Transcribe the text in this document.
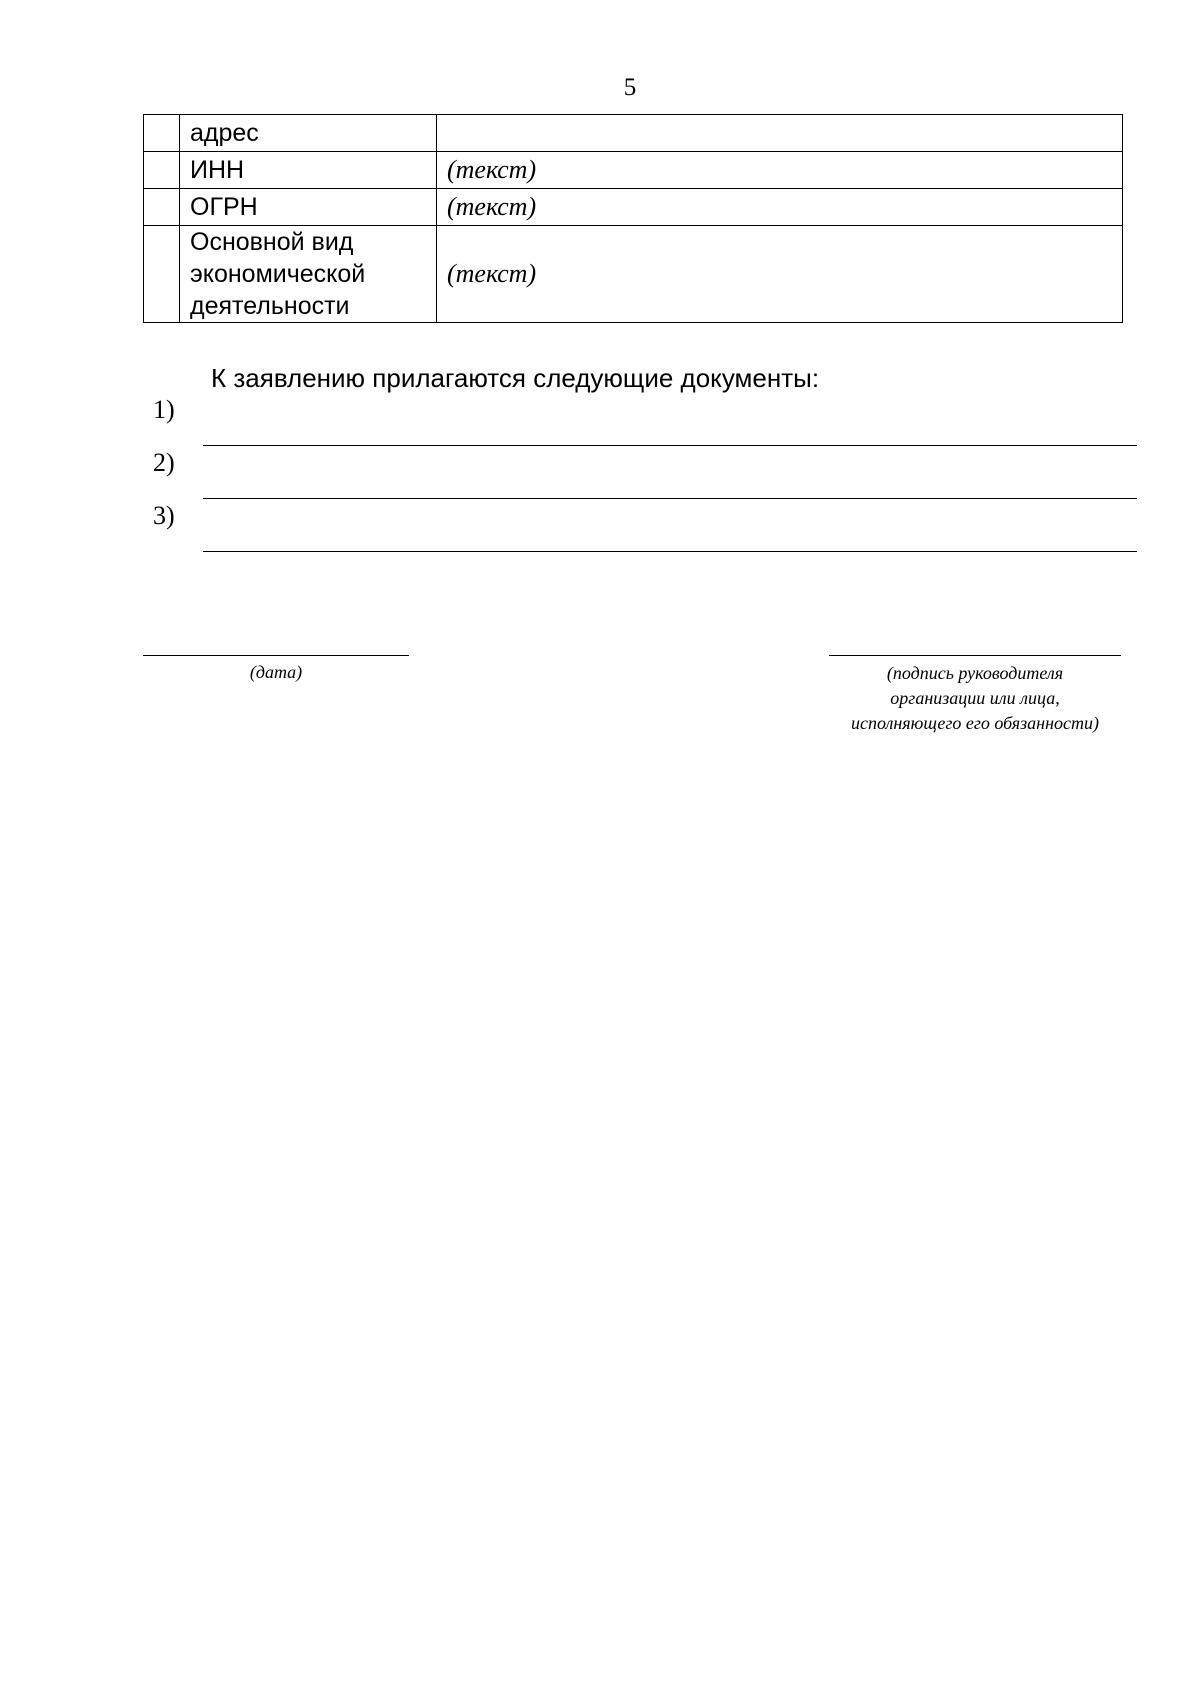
5
	адрес	
	ИНН	(текст)
	ОГРН	(текст)

	Основной вид
экономической
деятельности	(текст)
К заявлению прилагаются следующие документы:
1)
2)
3)
(дата)	(подпись руководителя
организации или лица,
исполняющего его обязанности)
